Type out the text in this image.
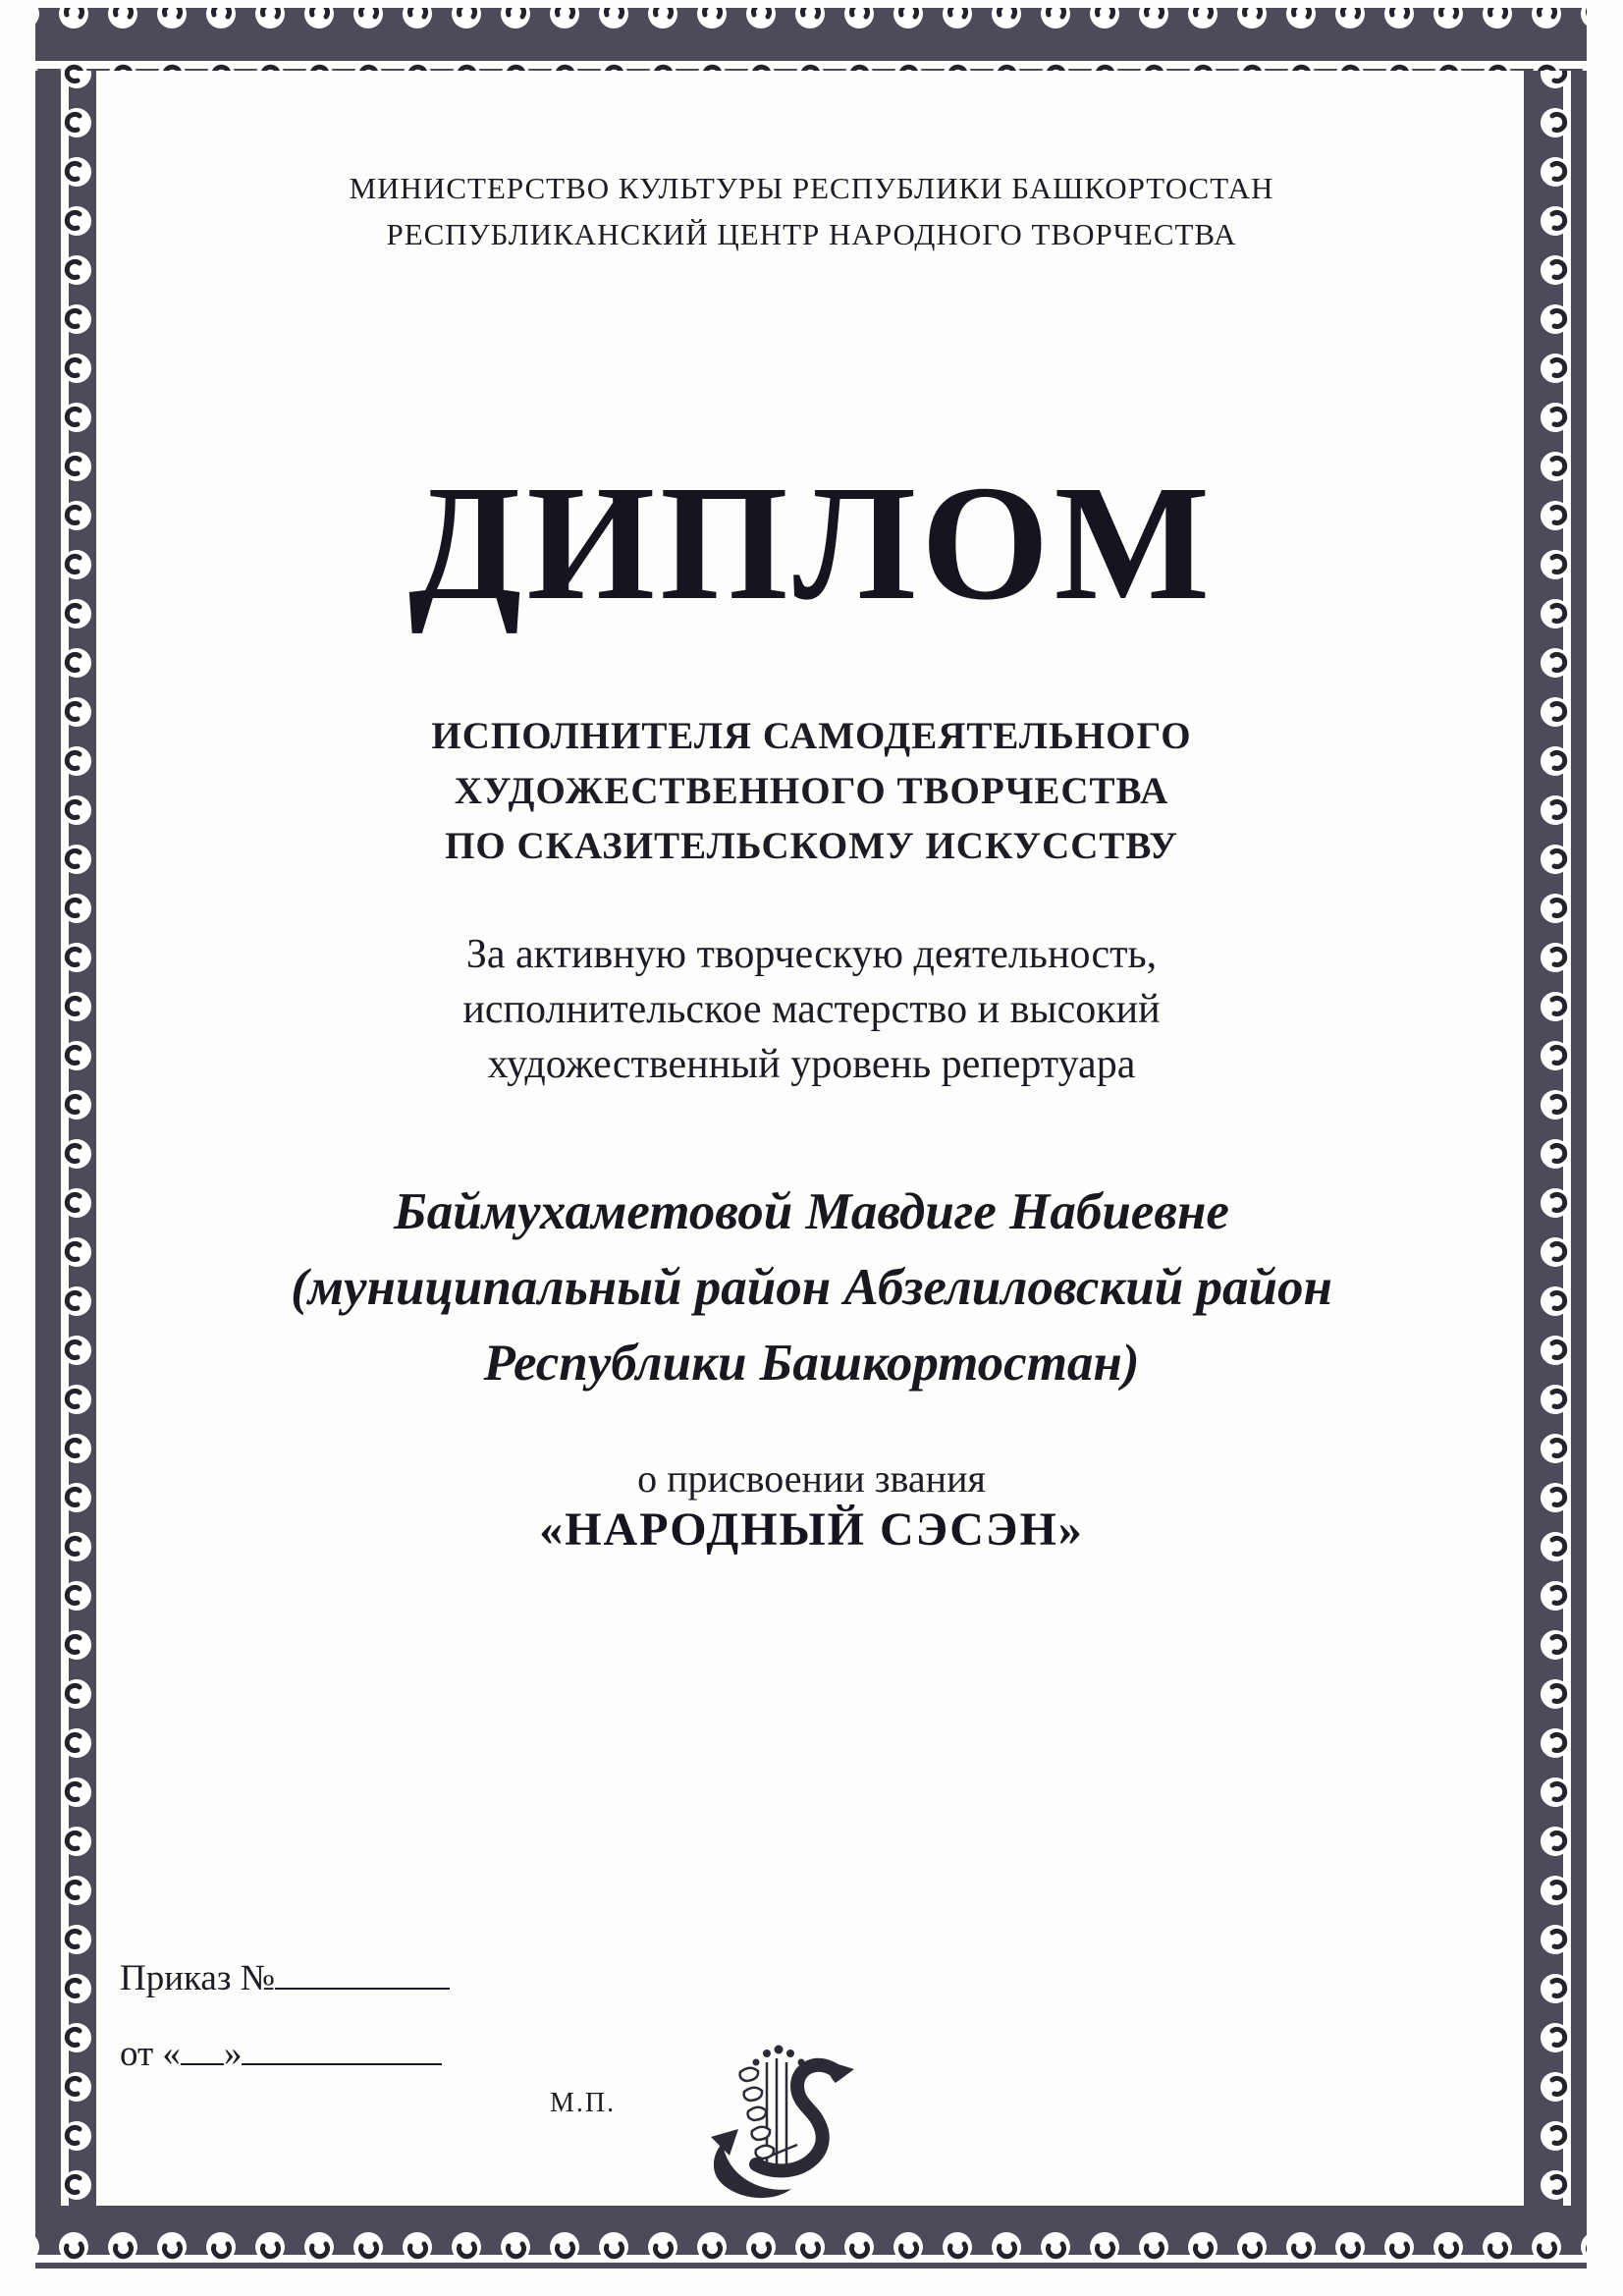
МИНИСТЕРСТВО КУЛЬТУРЫ РЕСПУБЛИКИ БАШКОРТОСТАН
РЕСПУБЛИКАНСКИЙ ЦЕНТР НАРОДНОГО ТВОРЧЕСТВА
ДИПЛОМ
ИСПОЛНИТЕЛЯ САМОДЕЯТЕЛЬНОГО
ХУДОЖЕСТВЕННОГО ТВОРЧЕСТВА
ПО СКАЗИТЕЛЬСКОМУ ИСКУССТВУ
За активную творческую деятельность,
исполнительское мастерство и высокий
художественный уровень репертуара
Баймухаметовой Мавдиге Набиевне
(муниципальный район Абзелиловский район
Республики Башкортостан)
о присвоении звания
«НАРОДНЫЙ СЭСЭН»
Приказ №
от « »
М.П.
